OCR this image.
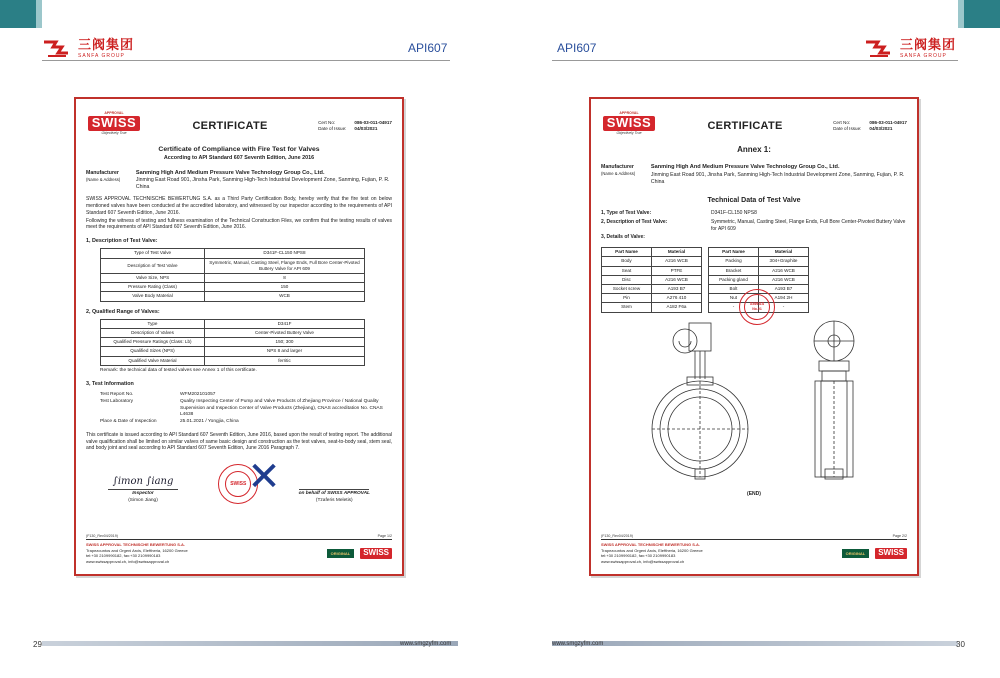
三阀集团
SANFA GROUP
API607	三阀集团
SANFA GROUP
API607
29	30
www.smgzyfm.com	www.smgzyfm.com
APPROVAL
SWISS
Objectively True
CERTIFICATE	Cert No:	086-03-011-04917
Date of Issue: 04/03/2021
Certificate of Compliance with Fire Test for Valves
According to API Standard 607 Seventh Edition, June 2016
Manufacturer
(Name & Address)
Sanming High And Medium Pressure Valve Technology Group Co., Ltd.
Jinming East Road 901, Jinsha Park, Sanming High-Tech Industrial Development Zone, Sanming, Fujian, P. R. China
SWISS APPROVAL TECHNISCHE BEWERTUNG S.A. as a Third Party Certification Body, hereby verify that the fire test on below mentioned valves have been conducted at the accredited laboratory, and witnessed by our inspector according to the requirements of API Standard 607 Seventh Edition, June 2016.
Following the witness of testing and fullness examination of the Technical Construction Files, we confirm that the testing results of valves meet the requirements of API Standard 607 Seventh Edition, June 2016.
1, Description of Test Valve:
Type of Test Valve	D341F-CL150 NPS8
Description of Test Valve	Symmetric, Manual, Casting Steel, Flange Ends, Full Bore Center-Pivoted Buttery Valve for API 609
Valve Size, NPS	8
Pressure Rating (Class)	150
Valve Body Material	WCB
2, Qualified Range of Valves:
Type	D341F
Description of Valves	Center-Pivoted Buttery Valve
Qualified Pressure Ratings (Class: Lb)	150; 300
Qualified Sizes (NPS)	NPS 8 and larger
Qualified Valve Material	ferritic
Remark: the technical data of tested valves see Annex 1 of this certificate.
3, Test Information
Test Report No.	WFM202101057
Test Laboratory	Quality Inspecting Center of Pump and Valve Products of Zhejiang Province / National Quality Supervision and Inspection Center of Valve Products (Zhejiang), CNAS accreditation No. CNAS L4638
Place & Date of Inspection	25.01.2021 / Yongjia, China
This certificate is issued according to API Standard 607 Seventh Edition, June 2016, based upon the result of testing report. The additional valve qualification shall be limited on similar valves of same basic design and construction as the test valves, seat-to-body seal, stem seal, and body joint and seal according to API Standard 607 Seventh Edition, June 2016 Paragraph 7.
∫imon ∫iang
Inspector
(Simon Jiang)
SWISS ✕	on behalf of SWISS APPROVAL
(Tzaferis Meletis)
(F130_Rev04/2019)	Page 1/2
SWISS APPROVAL TECHNISCHE BEWERTUNG S.A.
Trapezountos and Orgeni Arcis, Eleftheria, 16200 Greece
tel:+30 2109990182, fax:+30 2109990183
www.swissapproval.ch, info@swissapproval.ch
ORIGINAL	SWISS
APPROVAL
SWISS
Objectively True
CERTIFICATE	Cert No:	086-03-011-04917
Date of Issue: 04/03/2021
Annex 1:
Manufacturer
(Name & Address)
Sanming High And Medium Pressure Valve Technology Group Co., Ltd.
Jinming East Road 901, Jinsha Park, Sanming High-Tech Industrial Development Zone, Sanming, Fujian, P. R. China
Technical Data of Test Valve
1, Type of Test Valve:	D341F-CL150 NPS8
2, Description of Test Valve:	Symmetric, Manual, Casting Steel, Flange Ends, Full Bore Center-Pivoted Buttery Valve for API 609
3, Details of Valve:
Part Name	Material
Body	A216 WCB
Seat	PTFE
Disc	A216 WCB
Socket screw	A193 B7
Pin	A276 410
Stem	A182 F6a
Part Name	Material
Packing	304+Graphite
Bracket	A216 WCB
Packing gland	A216 WCB
Bolt	A193 B7
Nut	A194 2H
-	-
SWISS
No.01
(END)
(F130_Rev04/2019)	Page 2/2
SWISS APPROVAL TECHNISCHE BEWERTUNG S.A.
Trapezountos and Orgeni Arcis, Eleftheria, 16200 Greece
tel:+30 2109990182, fax:+30 2109990183
www.swissapproval.ch, info@swissapproval.ch
ORIGINAL	SWISS
